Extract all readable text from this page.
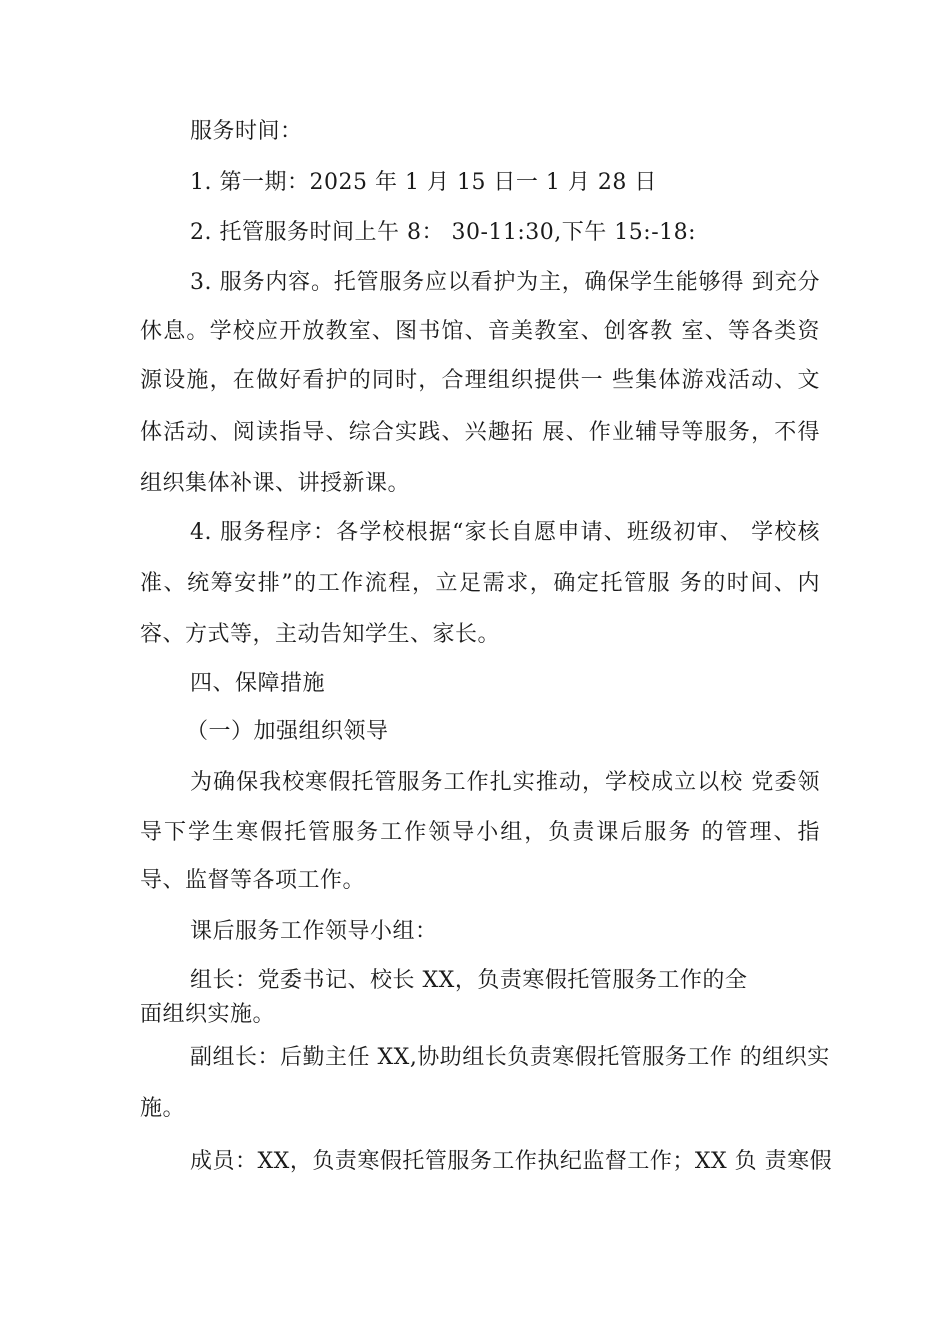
服务时间：
1. 第一期：2025 年 1 月 15 日一 1 月 28 日
2. 托管服务时间上午 8： 30-11:30,下午 15:-18:
3. 服务内容。托管服务应以看护为主，确保学生能够得 到充分
休息。学校应开放教室、图书馆、音美教室、创客教 室、等各类资
源设施，在做好看护的同时，合理组织提供一 些集体游戏活动、文
体活动、阅读指导、综合实践、兴趣拓 展、作业辅导等服务，不得
组织集体补课、讲授新课。
4. 服务程序：各学校根据“家长自愿申请、班级初审、 学校核
准、统筹安排”的工作流程，立足需求，确定托管服 务的时间、内
容、方式等，主动告知学生、家长。
四、保障措施
（一）加强组织领导
为确保我校寒假托管服务工作扎实推动，学校成立以校 党委领
导下学生寒假托管服务工作领导小组，负责课后服务 的管理、指
导、监督等各项工作。
课后服务工作领导小组：
组长：党委书记、校长 XX，负责寒假托管服务工作的全
面组织实施。
副组长：后勤主任 XX,协助组长负责寒假托管服务工作 的组织实
施。
成员：XX，负责寒假托管服务工作执纪监督工作；XX 负 责寒假
